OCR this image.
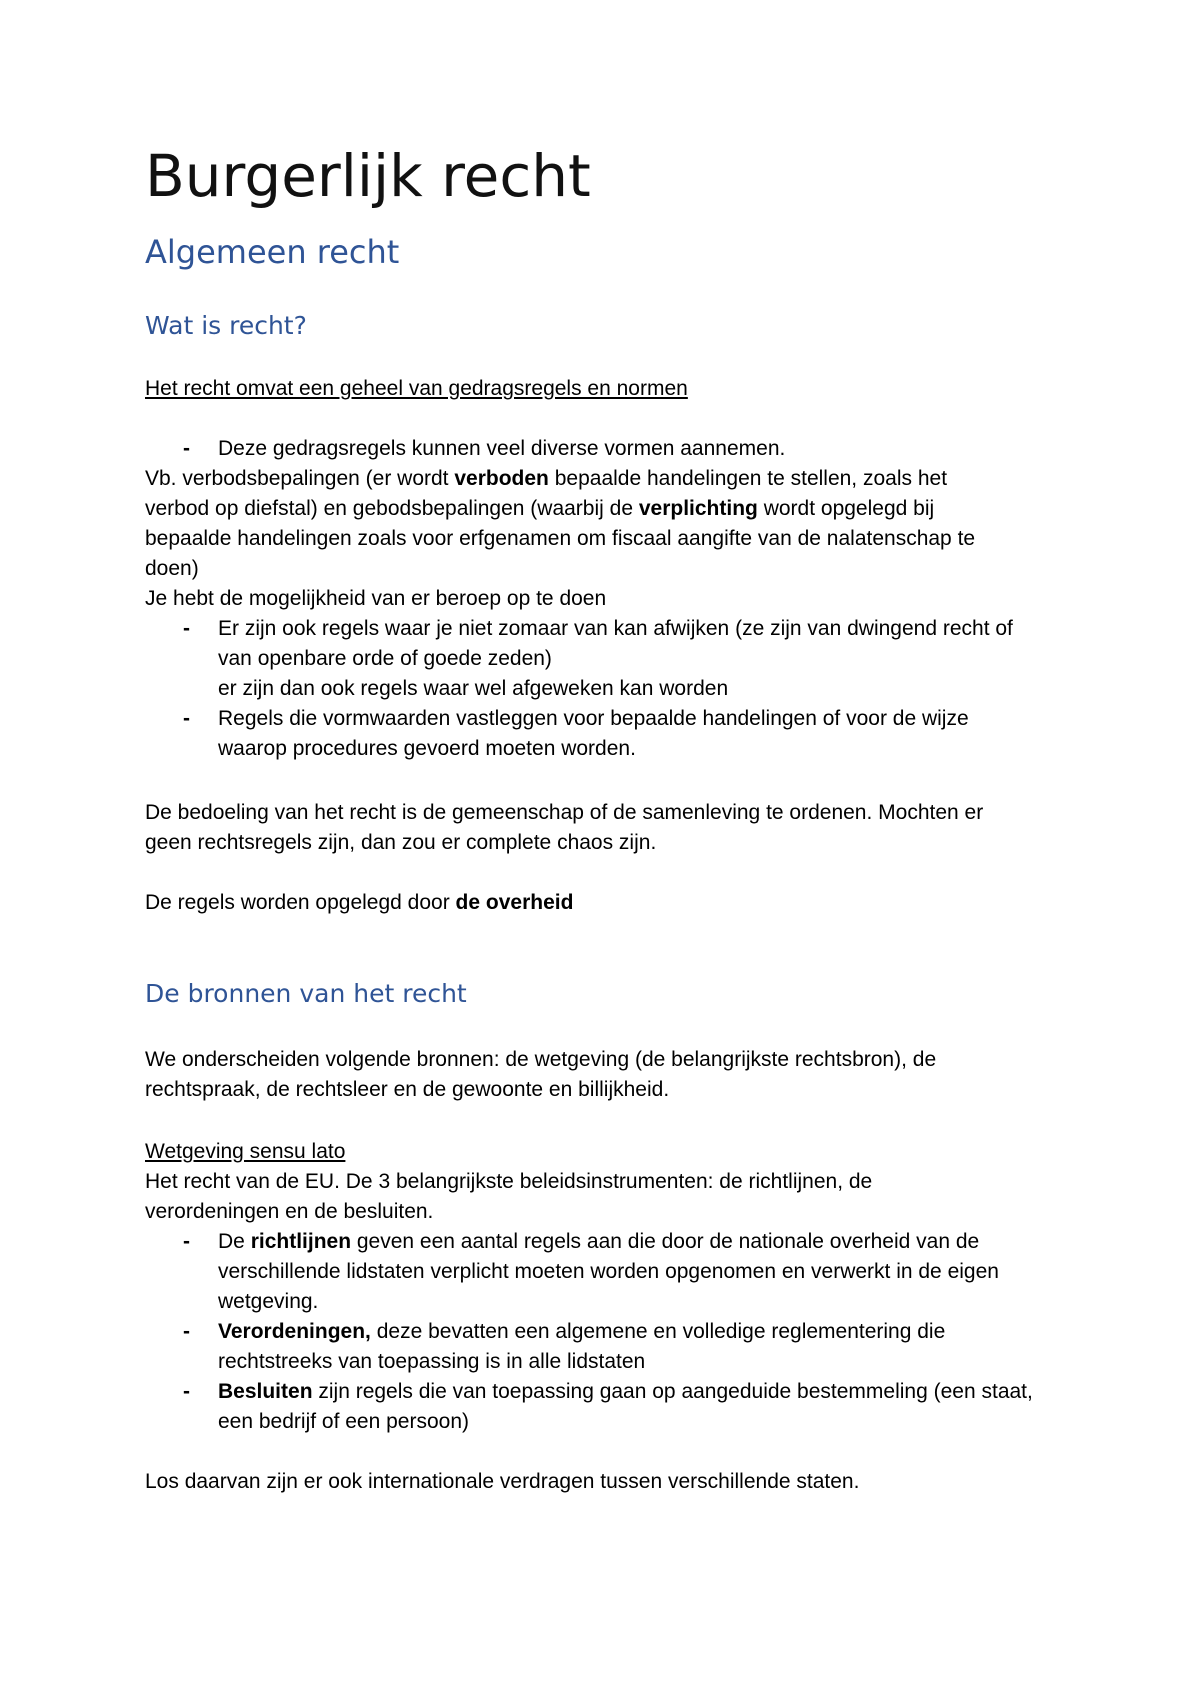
Burgerlijk recht
Algemeen recht
Wat is recht?

Het recht omvat een geheel van gedragsregels en normen

- Deze gedragsregels kunnen veel diverse vormen aannemen.

Vb. verbodsbepalingen (er wordt verboden bepaalde handelingen te stellen, zoals het

verbod op diefstal) en gebodsbepalingen (waarbij de verplichting wordt opgelegd bij

bepaalde handelingen zoals voor erfgenamen om fiscaal aangifte van de nalatenschap te

doen)

Je hebt de mogelijkheid van er beroep op te doen

- Er zijn ook regels waar je niet zomaar van kan afwijken (ze zijn van dwingend recht of

van openbare orde of goede zeden)

er zijn dan ook regels waar wel afgeweken kan worden

- Regels die vormwaarden vastleggen voor bepaalde handelingen of voor de wijze

waarop procedures gevoerd moeten worden.

De bedoeling van het recht is de gemeenschap of de samenleving te ordenen. Mochten er

geen rechtsregels zijn, dan zou er complete chaos zijn.

De regels worden opgelegd door de overheid

De bronnen van het recht

We onderscheiden volgende bronnen: de wetgeving (de belangrijkste rechtsbron), de

rechtspraak, de rechtsleer en de gewoonte en billijkheid.

Wetgeving sensu lato

Het recht van de EU. De 3 belangrijkste beleidsinstrumenten: de richtlijnen, de

verordeningen en de besluiten.

- De richtlijnen geven een aantal regels aan die door de nationale overheid van de

verschillende lidstaten verplicht moeten worden opgenomen en verwerkt in de eigen

wetgeving.

- Verordeningen, deze bevatten een algemene en volledige reglementering die

rechtstreeks van toepassing is in alle lidstaten

- Besluiten zijn regels die van toepassing gaan op aangeduide bestemmeling (een staat,

een bedrijf of een persoon)

Los daarvan zijn er ook internationale verdragen tussen verschillende staten.
